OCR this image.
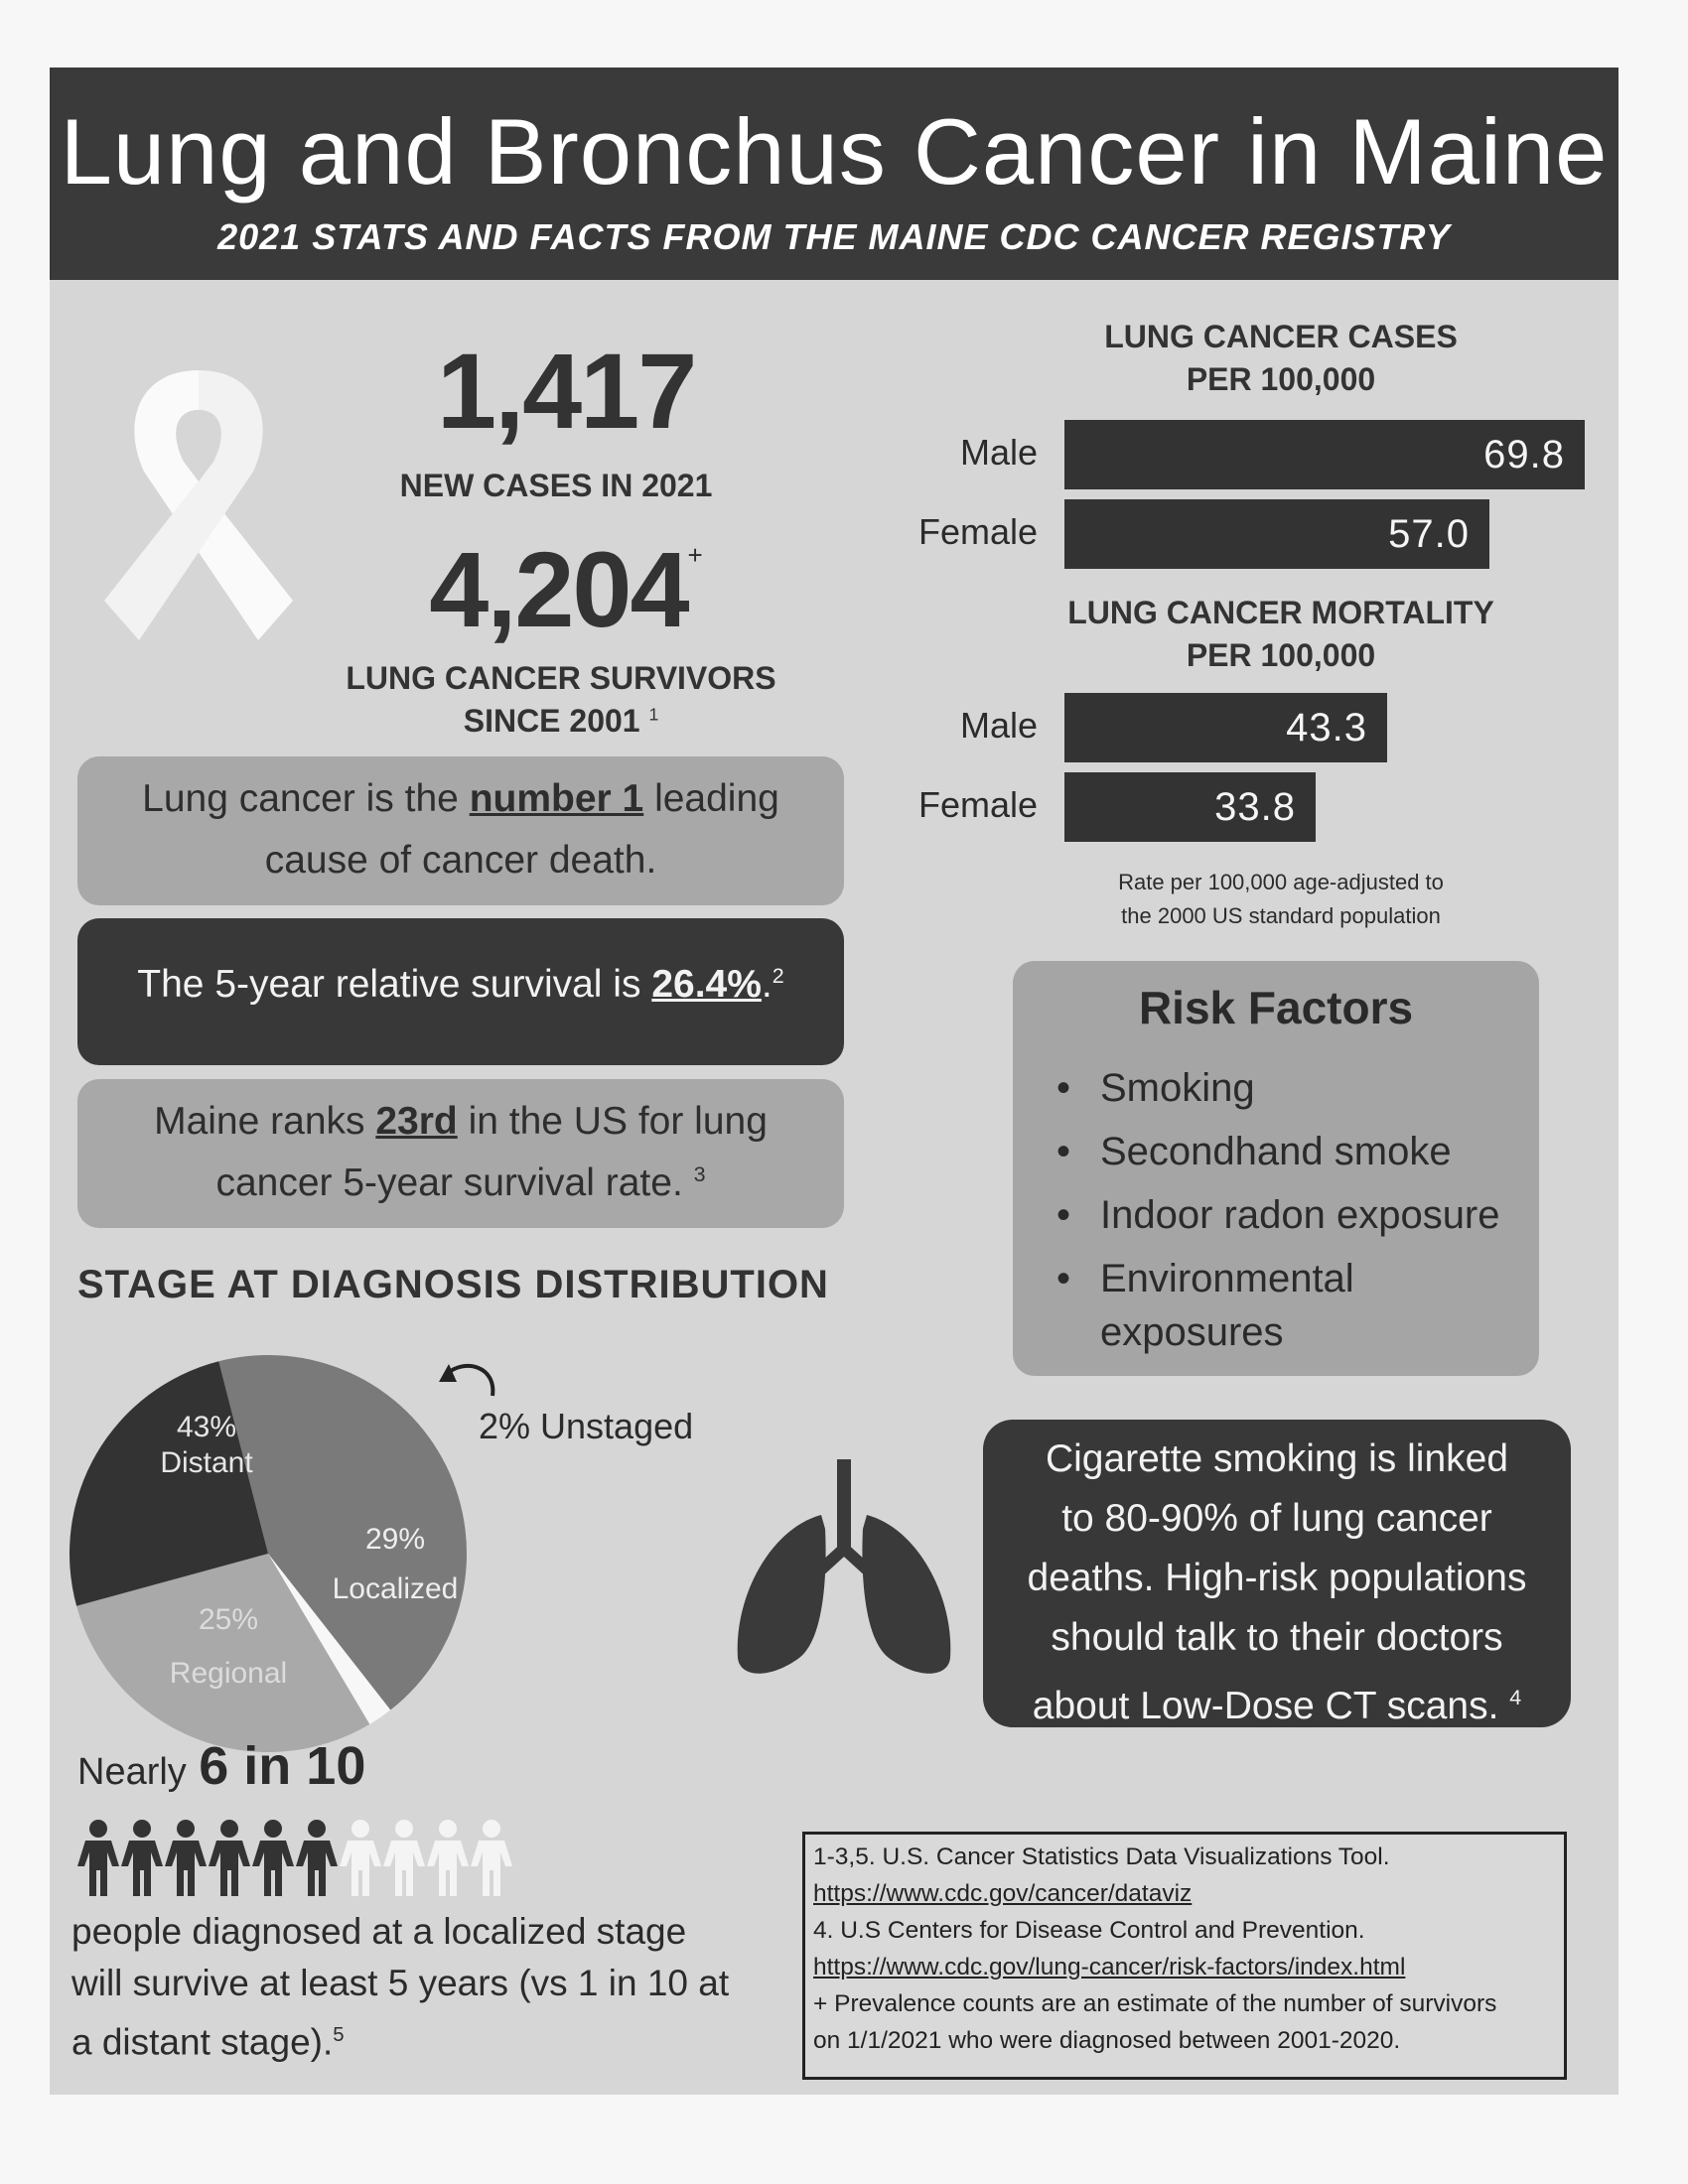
Lung and Bronchus Cancer in Maine
2021 STATS AND FACTS FROM THE MAINE CDC CANCER REGISTRY
1,417
NEW CASES IN 2021
4,204+
LUNG CANCER SURVIVORS
SINCE 2001 $^1$
Lung cancer is the number 1 leading
cause of cancer death.
The 5-year relative survival is 26.4%.$^2$
Maine ranks 23rd in the US for lung
cancer 5-year survival rate. $^3$
LUNG CANCER CASES
PER 100,000
Male	69.8
Female	57.0
LUNG CANCER MORTALITY
PER 100,000
Male	43.3
Female	33.8
Rate per 100,000 age-adjusted to
the 2000 US standard population
Risk Factors
• Smoking
• Secondhand smoke
• Indoor radon exposure
• Environmental
exposures
STAGE AT DIAGNOSIS DISTRIBUTION
43%
Distant
29%
Localized
25%
Regional
2% Unstaged
Cigarette smoking is linked
to 80-90% of lung cancer
deaths. High-risk populations
should talk to their doctors
about Low-Dose CT scans. $^4$
Nearly 6 in 10
people diagnosed at a localized stage
will survive at least 5 years (vs 1 in 10 at
a distant stage).$^5$
1-3,5. U.S. Cancer Statistics Data Visualizations Tool.
https://www.cdc.gov/cancer/dataviz
4. U.S Centers for Disease Control and Prevention.
https://www.cdc.gov/lung-cancer/risk-factors/index.html
+ Prevalence counts are an estimate of the number of survivors
on 1/1/2021 who were diagnosed between 2001-2020.
